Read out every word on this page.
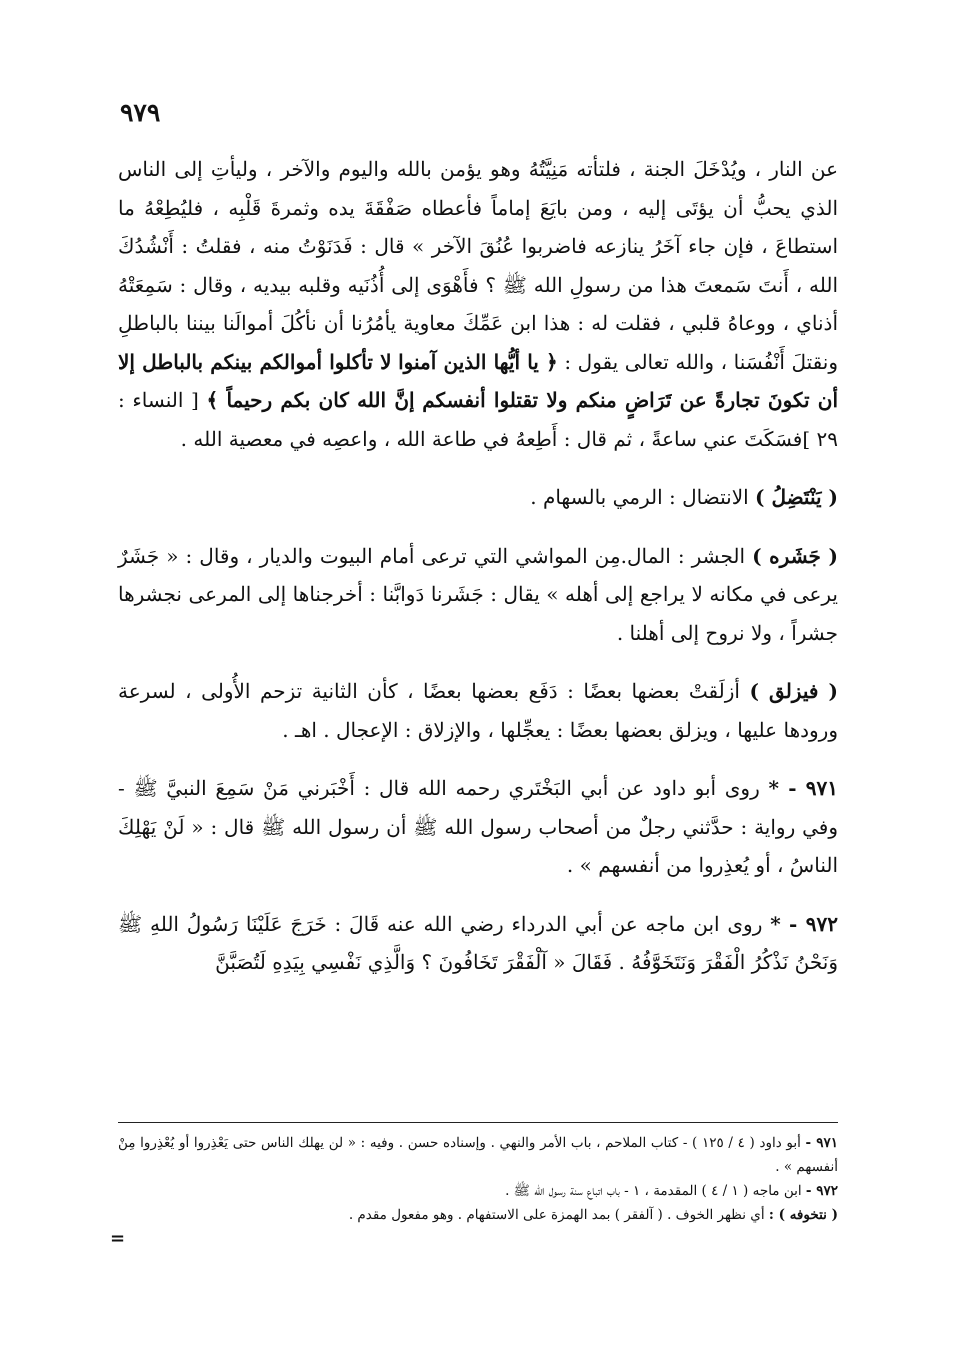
٩٧٩

عن النار ، ويُدْخَلَ الجنة ، فلتأته مَنِيَّتُهُ وهو يؤمن بالله واليوم والآخر ، وليأتِ إلى الناس الذي يحبُّ أن يؤتَى إليه ، ومن بايَعَ إماماً فأعطاه صَفْقَةَ يده وثمرةَ قَلْبِه ، فليُطِعْهُ ما استطاعَ ، فإن جاء آخَرُ ينازعه فاضربوا عُنُقَ الآخر » قال : فَدَنَوْتُ منه ، فقلتُ : أَنْشُدُكَ الله ، أَنتَ سَمعتَ هذا من رسولِ الله ﷺ ؟ فأَهْوَى إلى أُذُنَيه وقلبه بيديه ، وقال : سَمِعَتْهُ أذناي ، ووعاهُ قلبي ، فقلت له : هذا ابن عَمِّكَ معاوية يأمُرُنا أن نأكُلَ أموالَنا بيننا بالباطلِ ونقتلَ أَنْفُسَنا ، والله تعالى يقول : ﴿ يا أيُّها الذين آمنوا لا تأكلوا أموالكم بينكم بالباطل إلا أن تكونَ تجارةً عن تَرَاضٍ منكم ولا تقتلوا أنفسكم إنَّ الله كان بكم رحيماً ﴾ [ النساء : ٢٩ ]فسَكَتَ عني ساعةً ، ثم قال : أَطِعهُ في طاعة الله ، واعصِه في معصية الله .

( يَنْتَضِلُ ) الانتضال : الرمي بالسهام .

( جَشَره ) الجشر : المال.مِن المواشي التي ترعى أمام البيوت والديار ، وقال : « جَشَرٌ يرعى في مكانه لا يراجع إلى أهله » يقال : جَشَرنا دَوابَّنا : أخرجناها إلى المرعى نجشرها جشراً ، ولا نروح إلى أهلنا .

( فيزلق ) أزلَقتْ بعضها بعضًا : دَفَع بعضها بعضًا ، كأن الثانية تزحم الأُولى ، لسرعة ورودها عليها ، ويزلق بعضها بعضًا : يعجِّلها ، والإزلاق : الإعجال . اهـ .

٩٧١ - * روى أبو داود عن أبي البَخْتَري رحمه الله قال : أَخْبَرني مَنْ سَمِعَ النبيَّ ﷺ - وفي رواية : حدَّثني رجلٌ من أصحاب رسول الله ﷺ أن رسول الله ﷺ قال : « لَنْ يَهْلِكَ الناسُ ، أو يُعذِروا من أنفسهم » .

٩٧٢ - * روى ابن ماجه عن أبي الدرداء رضي الله عنه قَالَ : خَرَجَ عَلَيْنَا رَسُولُ اللهِ ﷺ وَنَحْنُ نَذْكُرُ الْفَقْرَ وَنَتَخَوَّفُهُ . فَقَالَ « آلْفَقْرَ تَخَافُونَ ؟ وَالَّذِي نَفْسِي بِيَدِهِ لَتُصَبَّنَّ

٩٧١ - أبو داود ( ٤ / ١٢٥ ) - كتاب الملاحم ، باب الأمر والنهي . وإسناده حسن . وفيه : « لن يهلك الناس حتى يَعْذِروا أو يُعْذِروا مِنْ أنفسهم » .

٩٧٢ - ابن ماجه ( ١ / ٤ ) المقدمة ، ١ - باب اتباع سنة رسول الله ﷺ .

( نتخوفه ) : أي نظهر الخوف . ( آلفقر ) بمد الهمزة على الاستفهام . وهو مفعول مقدم .

=
